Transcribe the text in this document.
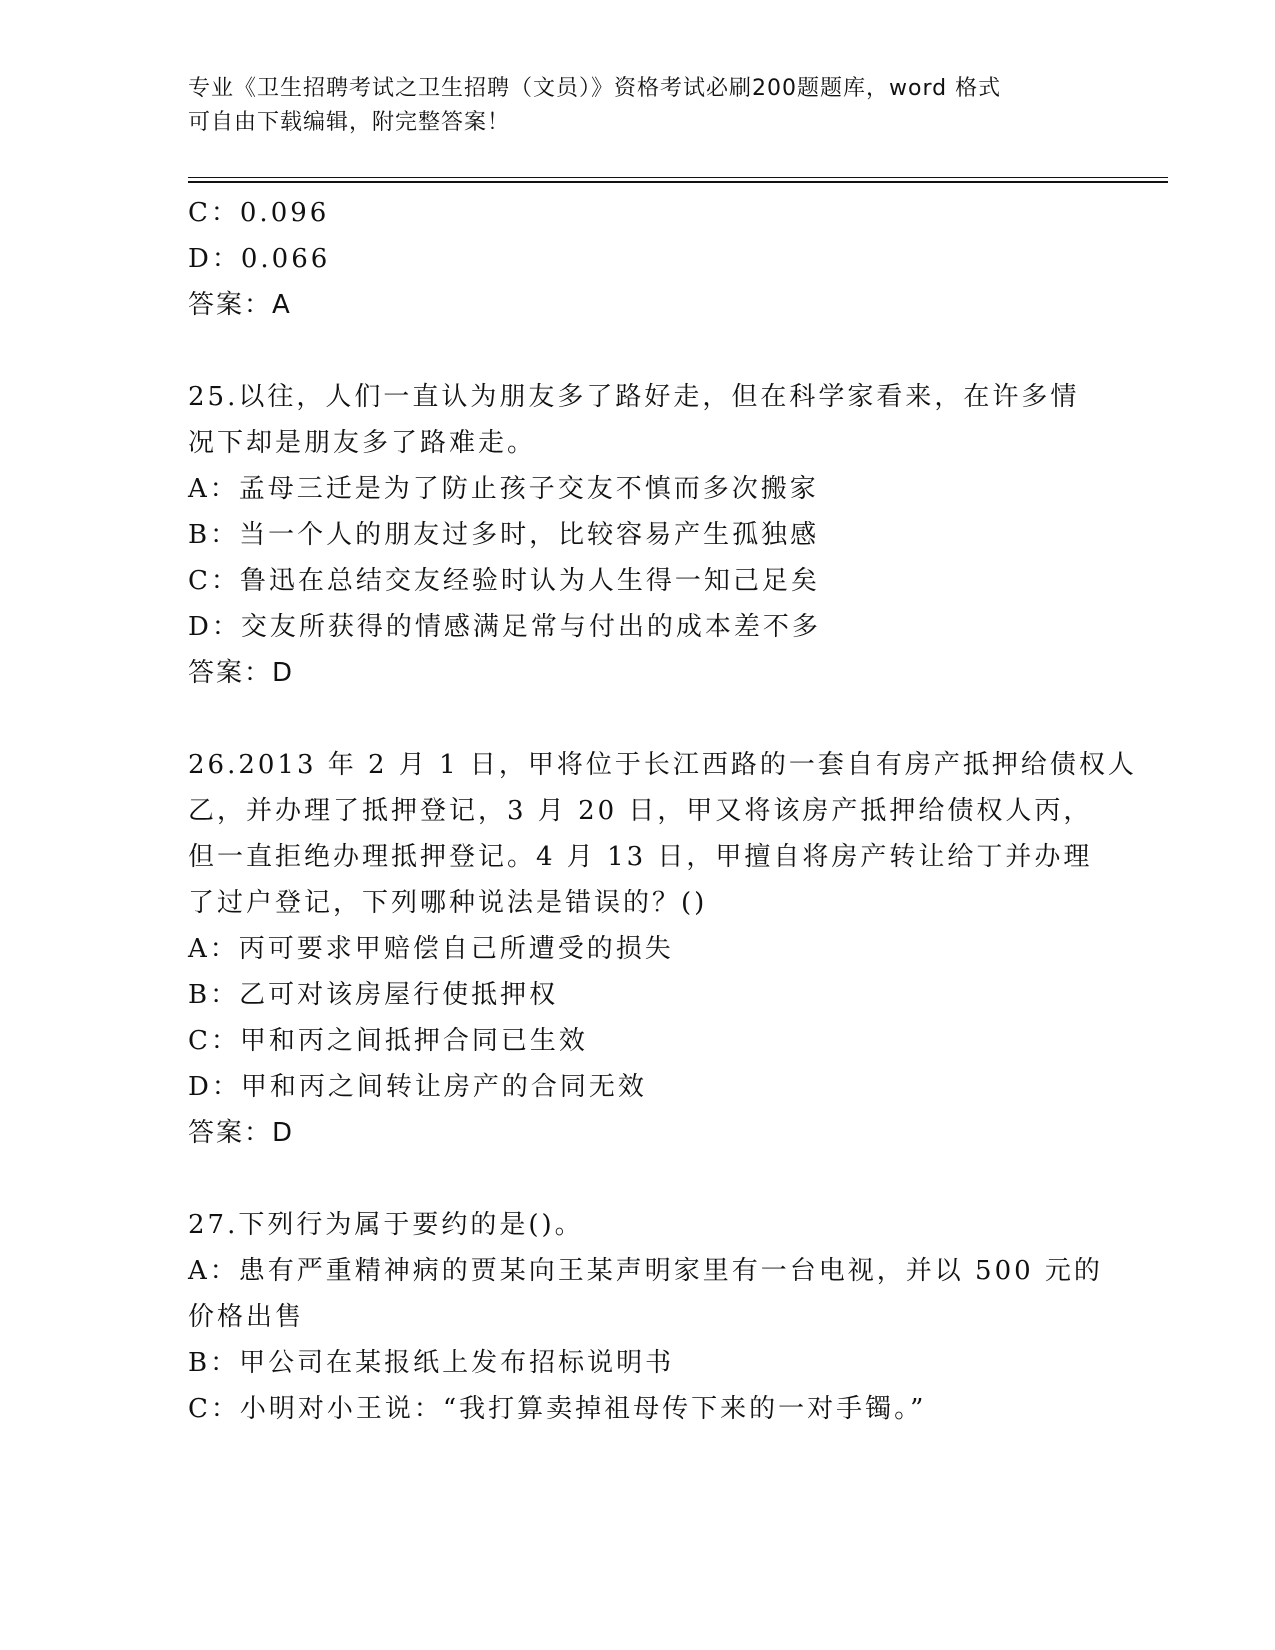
专业《卫生招聘考试之卫生招聘（文员）》资格考试必刷200题题库，word 格式
可自由下载编辑，附完整答案！
C：0.096
D：0.066
答案：A
25.以往，人们一直认为朋友多了路好走，但在科学家看来，在许多情
况下却是朋友多了路难走。
A：孟母三迁是为了防止孩子交友不慎而多次搬家
B：当一个人的朋友过多时，比较容易产生孤独感
C：鲁迅在总结交友经验时认为人生得一知己足矣
D：交友所获得的情感满足常与付出的成本差不多
答案：D
26.2013 年 2 月 1 日，甲将位于长江西路的一套自有房产抵押给债权人
乙，并办理了抵押登记，3 月 20 日，甲又将该房产抵押给债权人丙，
但一直拒绝办理抵押登记。4 月 13 日，甲擅自将房产转让给丁并办理
了过户登记，下列哪种说法是错误的？()
A：丙可要求甲赔偿自己所遭受的损失
B：乙可对该房屋行使抵押权
C：甲和丙之间抵押合同已生效
D：甲和丙之间转让房产的合同无效
答案：D
27.下列行为属于要约的是()。
A：患有严重精神病的贾某向王某声明家里有一台电视，并以 500 元的
价格出售
B：甲公司在某报纸上发布招标说明书
C：小明对小王说：“我打算卖掉祖母传下来的一对手镯。”
